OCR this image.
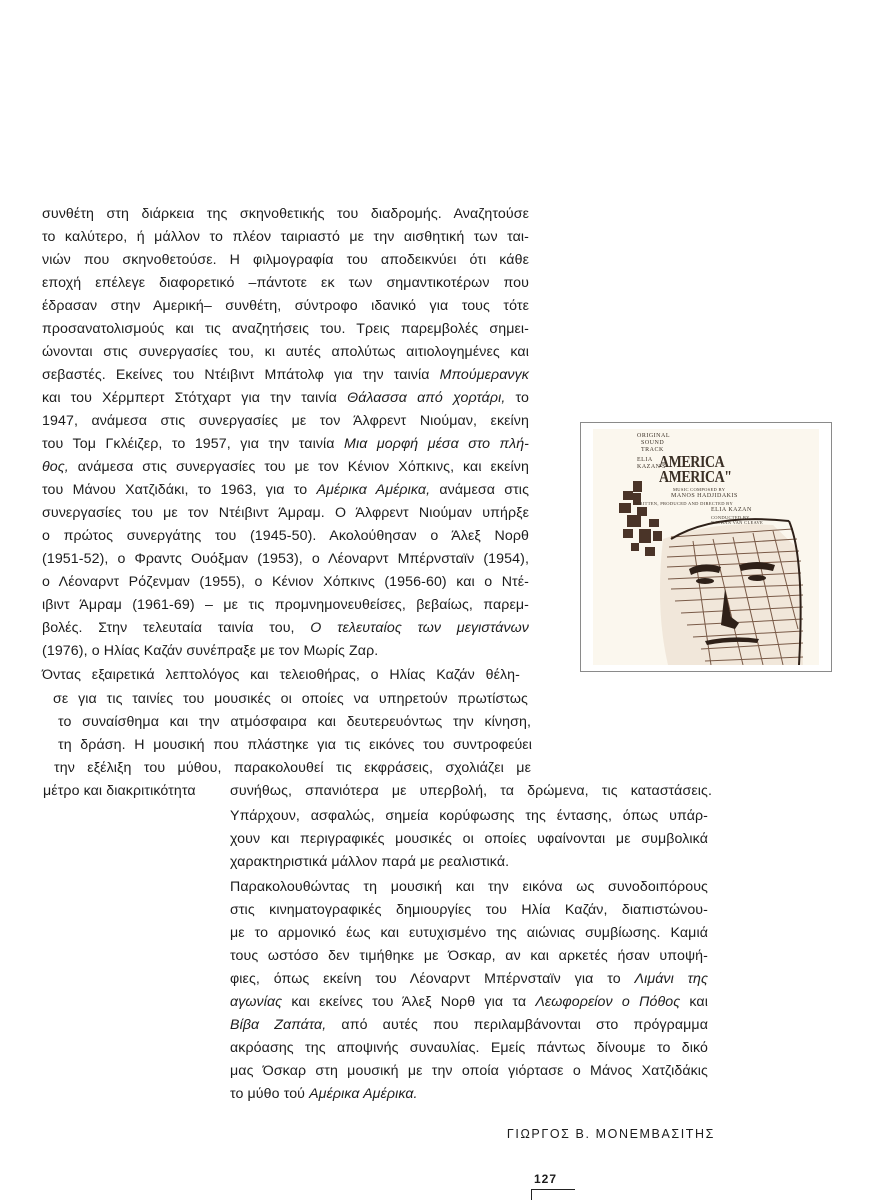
συνθέτη στη διάρκεια της σκηνοθετικής του διαδρομής. Αναζητούσε
το καλύτερο, ή μάλλον το πλέον ταιριαστό με την αισθητική των ται-
νιών που σκηνοθετούσε. Η φιλμογραφία του αποδεικνύει ότι κάθε
εποχή επέλεγε διαφορετικό –πάντοτε εκ των σημαντικοτέρων που
έδρασαν στην Αμερική– συνθέτη, σύντροφο ιδανικό για τους τότε
προσανατολισμούς και τις αναζητήσεις του. Τρεις παρεμβολές σημει-
ώνονται στις συνεργασίες του, κι αυτές απολύτως αιτιολογημένες και
σεβαστές. Εκείνες του Ντέιβιντ Μπάτολφ για την ταινία Μπούμερανγκ
και του Χέρμπερτ Στότχαρτ για την ταινία Θάλασσα από χορτάρι, το
1947, ανάμεσα στις συνεργασίες με τον Άλφρεντ Νιούμαν, εκείνη
του Τομ Γκλέιζερ, το 1957, για την ταινία Μια μορφή μέσα στο πλή-
θος, ανάμεσα στις συνεργασίες του με τον Κένιον Χόπκινς, και εκείνη
του Μάνου Χατζιδάκι, το 1963, για το Αμέρικα Αμέρικα, ανάμεσα στις
συνεργασίες του με τον Ντέιβιντ Άμραμ. Ο Άλφρεντ Νιούμαν υπήρξε
ο πρώτος συνεργάτης του (1945-50). Ακολούθησαν ο Άλεξ Νορθ
(1951-52), ο Φραντς Ουόξμαν (1953), ο Λέοναρντ Μπέρνσταϊν (1954),
ο Λέοναρντ Ρόζενμαν (1955), ο Κένιον Χόπκινς (1956-60) και ο Ντέ-
ιβιντ Άμραμ (1961-69) – με τις προμνημονευθείσες, βεβαίως, παρεμ-
βολές. Στην τελευταία ταινία του, Ο τελευταίος των μεγιστάνων
(1976), ο Ηλίας Καζάν συνέπραξε με τον Μωρίς Ζαρ.
Όντας εξαιρετικά λεπτολόγος και τελειοθήρας, ο Ηλίας Καζάν θέλη-
σε για τις ταινίες του μουσικές οι οποίες να υπηρετούν πρωτίστως
το συναίσθημα και την ατμόσφαιρα και δευτερευόντως την κίνηση,
τη δράση. Η μουσική που πλάστηκε για τις εικόνες του συντροφεύει
την εξέλιξη του μύθου, παρακολουθεί τις εκφράσεις, σχολιάζει με
μέτρο και διακριτικότητα	συνήθως, σπανιότερα με υπερβολή, τα δρώμενα, τις καταστάσεις.
Υπάρχουν, ασφαλώς, σημεία κορύφωσης της έντασης, όπως υπάρ-
χουν και περιγραφικές μουσικές οι οποίες υφαίνονται με συμβολικά
χαρακτηριστικά μάλλον παρά με ρεαλιστικά.
Παρακολουθώντας τη μουσική και την εικόνα ως συνοδοιπόρους
στις κινηματογραφικές δημιουργίες του Ηλία Καζάν, διαπιστώνου-
με το αρμονικό έως και ευτυχισμένο της αιώνιας συμβίωσης. Καμιά
τους ωστόσο δεν τιμήθηκε με Όσκαρ, αν και αρκετές ήσαν υποψή-
φιες, όπως εκείνη του Λέοναρντ Μπέρνσταϊν για το Λιμάνι της
αγωνίας και εκείνες του Άλεξ Νορθ για τα Λεωφορείον ο Πόθος και
Βίβα Ζαπάτα, από αυτές που περιλαμβάνονται στο πρόγραμμα
ακρόασης της αποψινής συναυλίας. Εμείς πάντως δίνουμε το δικό
μας Όσκαρ στη μουσική με την οποία γιόρτασε ο Μάνος Χατζιδάκις
το μύθο τού Αμέρικα Αμέρικα.
ΓΙΩΡΓΟΣ Β. ΜΟΝΕΜΒΑΣΙΤΗΣ
127
ORIGINAL
SOUND
TRACK
ELIA
KAZAN'S
AMERICA
AMERICA"
MUSIC COMPOSED BY
MANOS HADJIDAKIS
WRITTEN, PRODUCED AND DIRECTED BY
ELIA KAZAN
CONDUCTED BY
NATHAN VAN CLEAVE
